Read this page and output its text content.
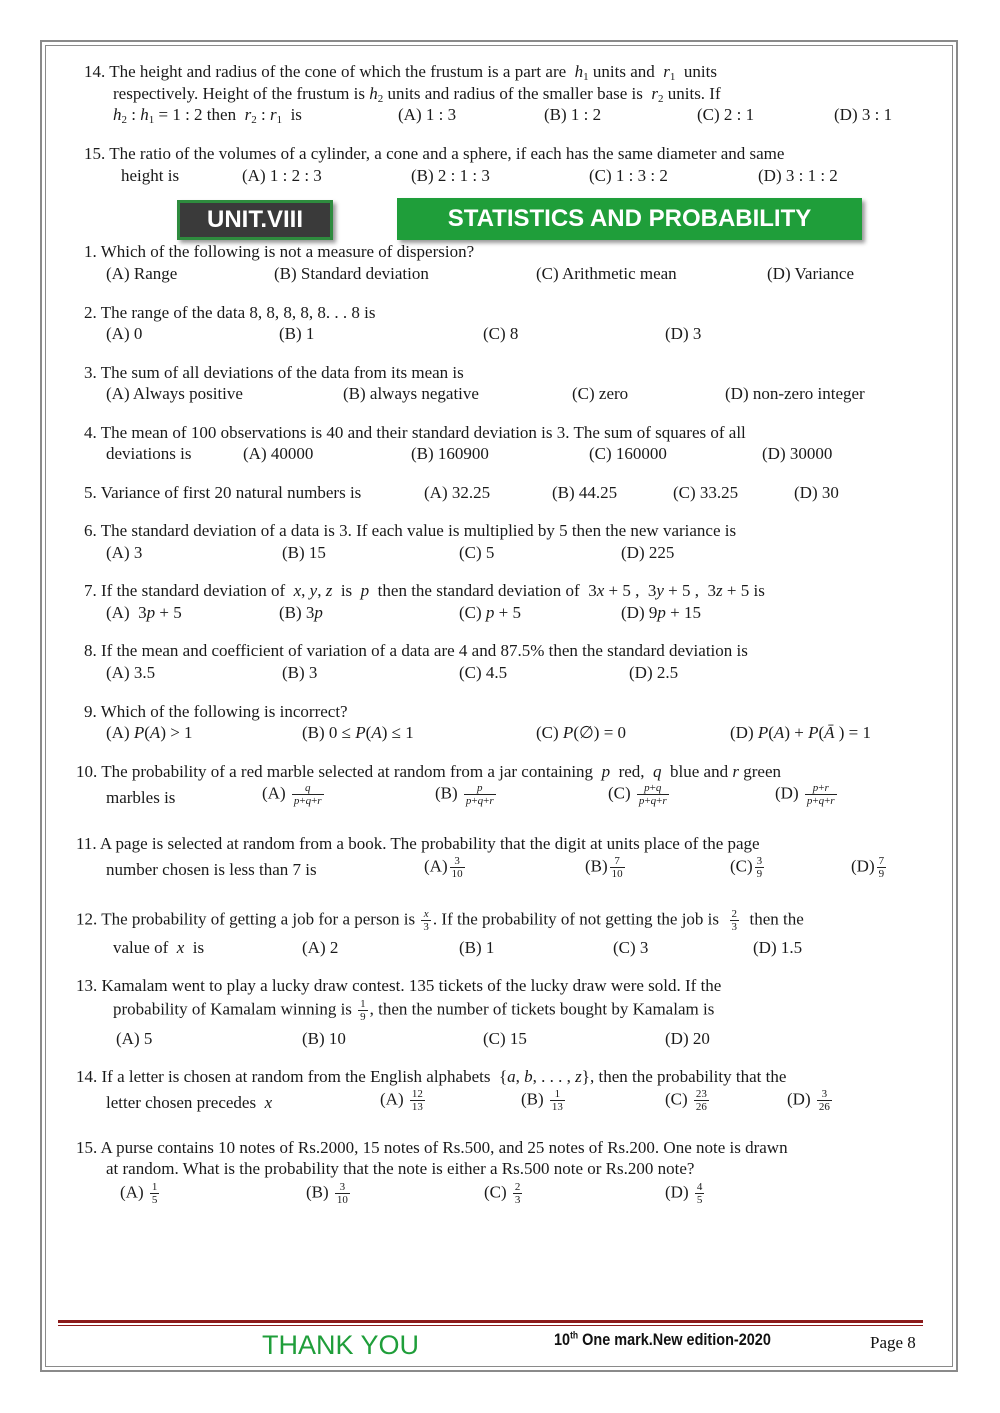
14. The height and radius of the cone of which the frustum is a part are $h_1$ units and $r_1$ units
respectively. Height of the frustum is $h_2$ units and radius of the smaller base is $r_2$ units. If
$h_2$ : $h_1 = 1$ : 2 then $r_2$ : $r_1$ is	(A) 1 : 3	(B) 1 : 2	(C) 2 : 1	(D) 3 : 1
15. The ratio of the volumes of a cylinder, a cone and a sphere, if each has the same diameter and same
height is	(A) 1 : 2 : 3	(B) 2 : 1 : 3	(C) 1 : 3 : 2	(D) 3 : 1 : 2
UNIT.VIII	STATISTICS AND PROBABILITY
1. Which of the following is not a measure of dispersion?
(A) Range	(B) Standard deviation	(C) Arithmetic mean	(D) Variance
2. The range of the data 8, 8, 8, 8, 8. . . 8 is
(A) 0	(B) 1	(C) 8	(D) 3
3. The sum of all deviations of the data from its mean is
(A) Always positive	(B) always negative	(C) zero	(D) non-zero integer
4. The mean of 100 observations is 40 and their standard deviation is 3. The sum of squares of all
deviations is	(A) 40000	(B) 160900	(C) 160000	(D) 30000
5. Variance of first 20 natural numbers is	(A) 32.25	(B) 44.25	(C) 33.25	(D) 30
6. The standard deviation of a data is 3. If each value is multiplied by 5 then the new variance is
(A) 3	(B) 15	(C) 5	(D) 225
7. If the standard deviation of x, y, z is p then the standard deviation of  3x + 5 ,  3y + 5 ,  3z + 5 is
(A)  3p + 5	(B) 3p	(C) p + 5	(D) 9p + 15
8. If the mean and coefficient of variation of a data are 4 and 87.5% then the standard deviation is
(A) 3.5	(B) 3	(C) 4.5	(D) 2.5
9. Which of the following is incorrect?
(A) P(A) > 1	(B) 0 ≤ P(A) ≤ 1	(C) P(∅) = 0	(D) P(A) + P(Ā ) = 1
10. The probability of a red marble selected at random from a jar containing p red, q blue and r green
marbles is	$(A) \frac{q}{p+q+r}$	$(B) \frac{p}{p+q+r}$	$(C) \frac{p+q}{p+q+r}$	$(D) \frac{p+r}{p+q+r}$
11. A page is selected at random from a book. The probability that the digit at units place of the page
number chosen is less than 7 is	$(A) \frac{3}{10}$	$(B) \frac{7}{10}$	$(C) \frac{3}{9}$	$(D) \frac{7}{9}$
12. The probability of getting a job for a person is $\frac{x}{3}$ . If the probability of not getting the job is $\frac{2}{3}$ then the
value of x is	(A) 2	(B) 1	(C) 3	(D) 1.5
13. Kamalam went to play a lucky draw contest. 135 tickets of the lucky draw were sold. If the
probability of Kamalam winning is $\frac{1}{9}$ , then the number of tickets bought by Kamalam is
(A) 5	(B) 10	(C) 15	(D) 20
14. If a letter is chosen at random from the English alphabets  {a, b, . . . , z}, then the probability that the
letter chosen precedes x	$(A) \frac{12}{13}$	$(B) \frac{1}{13}$	$(C) \frac{23}{26}$	$(D) \frac{3}{26}$
15. A purse contains 10 notes of Rs.2000, 15 notes of Rs.500, and 25 notes of Rs.200. One note is drawn
at random. What is the probability that the note is either a Rs.500 note or Rs.200 note?
$(A) \frac{1}{5}$	$(B) \frac{3}{10}$	$(C) \frac{2}{3}$	$(D) \frac{4}{5}$
THANK YOU	10th One mark.New edition-2020	Page 8
